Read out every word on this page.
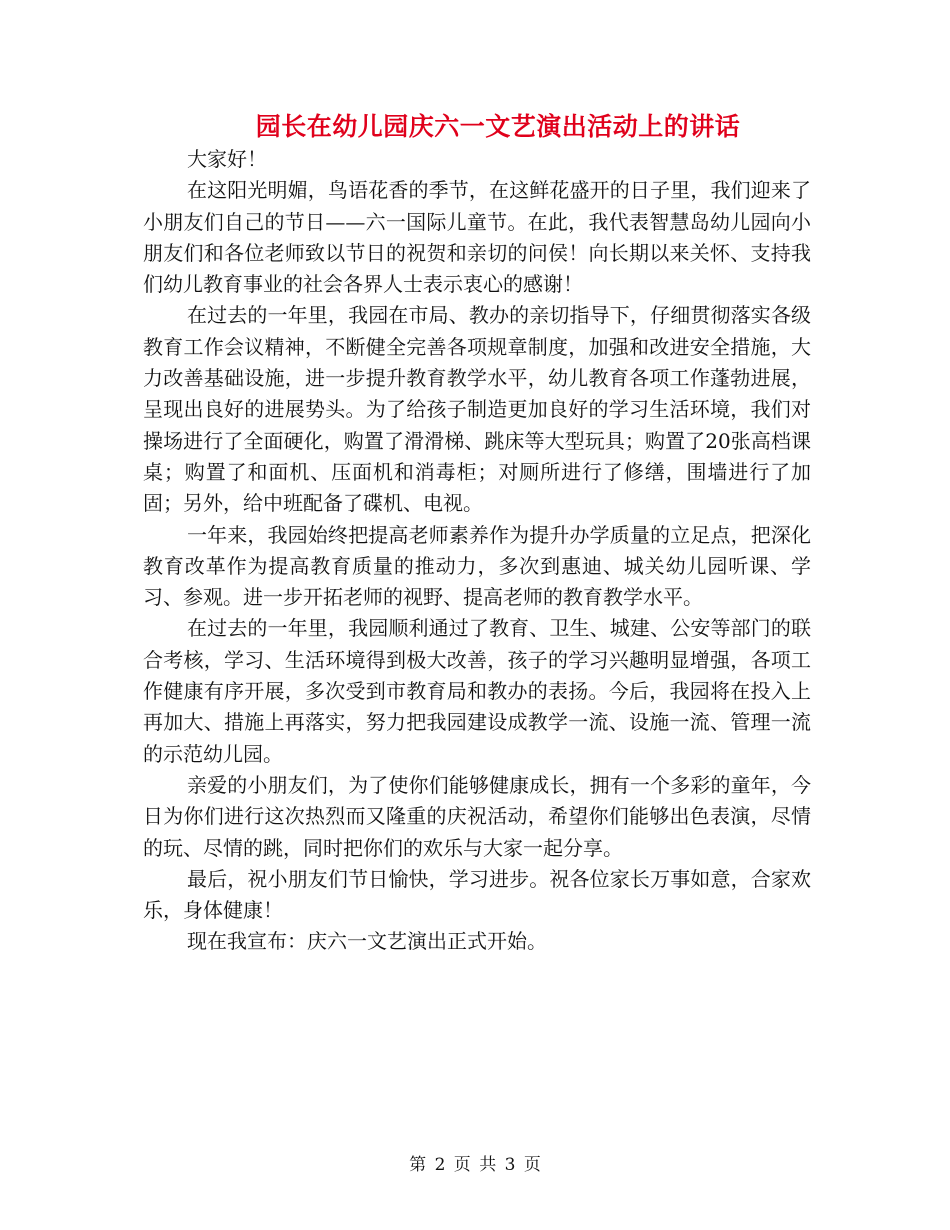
园长在幼儿园庆六一文艺演出活动上的讲话

大家好！

在这阳光明媚，鸟语花香的季节，在这鲜花盛开的日子里，我们迎来了小朋友们自己的节日——六一国际儿童节。在此，我代表智慧岛幼儿园向小朋友们和各位老师致以节日的祝贺和亲切的问侯！向长期以来关怀、支持我们幼儿教育事业的社会各界人士表示衷心的感谢！

在过去的一年里，我园在市局、教办的亲切指导下，仔细贯彻落实各级教育工作会议精神，不断健全完善各项规章制度，加强和改进安全措施，大力改善基础设施，进一步提升教育教学水平，幼儿教育各项工作蓬勃进展，呈现出良好的进展势头。为了给孩子制造更加良好的学习生活环境，我们对操场进行了全面硬化，购置了滑滑梯、跳床等大型玩具；购置了20张高档课桌；购置了和面机、压面机和消毒柜；对厕所进行了修缮，围墙进行了加固；另外，给中班配备了碟机、电视。

一年来，我园始终把提高老师素养作为提升办学质量的立足点，把深化教育改革作为提高教育质量的推动力，多次到惠迪、城关幼儿园听课、学习、参观。进一步开拓老师的视野、提高老师的教育教学水平。

在过去的一年里，我园顺利通过了教育、卫生、城建、公安等部门的联合考核，学习、生活环境得到极大改善，孩子的学习兴趣明显增强，各项工作健康有序开展，多次受到市教育局和教办的表扬。今后，我园将在投入上再加大、措施上再落实，努力把我园建设成教学一流、设施一流、管理一流的示范幼儿园。

亲爱的小朋友们，为了使你们能够健康成长，拥有一个多彩的童年，今日为你们进行这次热烈而又隆重的庆祝活动，希望你们能够出色表演，尽情的玩、尽情的跳，同时把你们的欢乐与大家一起分享。

最后，祝小朋友们节日愉快，学习进步。祝各位家长万事如意，合家欢乐，身体健康！

现在我宣布：庆六一文艺演出正式开始。

第 2 页 共 3 页
